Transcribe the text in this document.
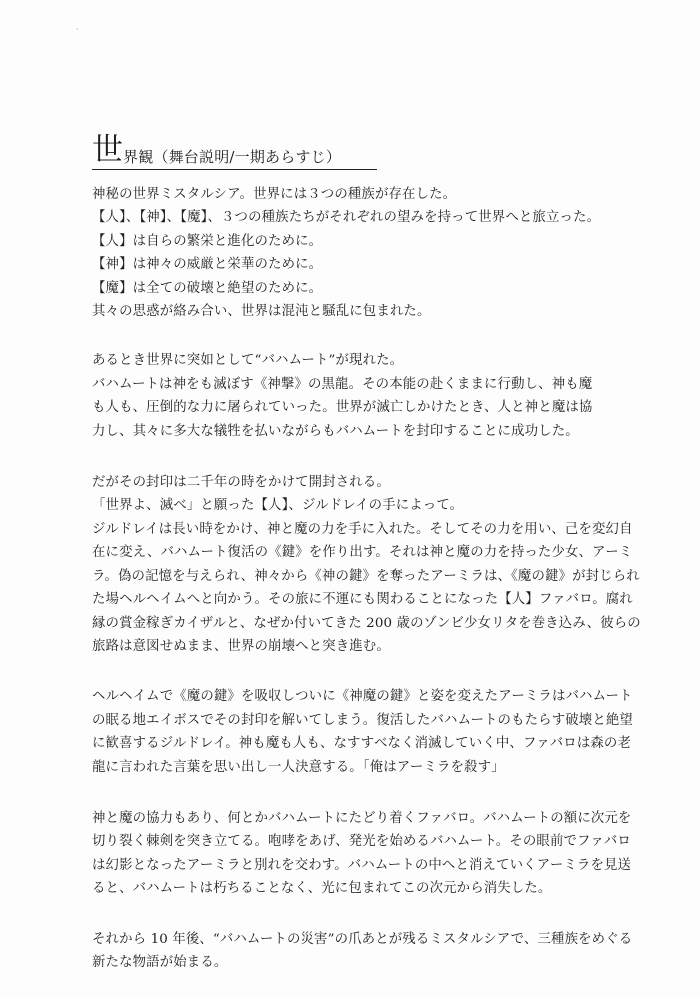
·
世界観（舞台説明/一期あらすじ）
神秘の世界ミスタルシア。世界には３つの種族が存在した。
【人】、【神】、【魔】、３つの種族たちがそれぞれの望みを持って世界へと旅立った。
【人】は自らの繁栄と進化のために。
【神】は神々の威厳と栄華のために。
【魔】は全ての破壊と絶望のために。
其々の思惑が絡み合い、世界は混沌と騒乱に包まれた。
あるとき世界に突如として“バハムート”が現れた。
バハムートは神をも滅ぼす《神撃》の黒龍。その本能の赴くままに行動し、神も魔
も人も、圧倒的な力に屠られていった。世界が滅亡しかけたとき、人と神と魔は協
力し、其々に多大な犠牲を払いながらもバハムートを封印することに成功した。
だがその封印は二千年の時をかけて開封される。
「世界よ、滅べ」と願った【人】、ジルドレイの手によって。
ジルドレイは長い時をかけ、神と魔の力を手に入れた。そしてその力を用い、己を変幻自
在に変え、バハムート復活の《鍵》を作り出す。それは神と魔の力を持った少女、アーミ
ラ。偽の記憶を与えられ、神々から《神の鍵》を奪ったアーミラは、《魔の鍵》が封じられ
た場ヘルヘイムへと向かう。その旅に不運にも関わることになった【人】ファバロ。腐れ
縁の賞金稼ぎカイザルと、なぜか付いてきた 200 歳のゾンビ少女リタを巻き込み、彼らの
旅路は意図せぬまま、世界の崩壊へと突き進む。
ヘルヘイムで《魔の鍵》を吸収しついに《神魔の鍵》と姿を変えたアーミラはバハムート
の眠る地エイボスでその封印を解いてしまう。復活したバハムートのもたらす破壊と絶望
に歓喜するジルドレイ。神も魔も人も、なすすべなく消滅していく中、ファバロは森の老
龍に言われた言葉を思い出し一人決意する。「俺はアーミラを殺す」
神と魔の協力もあり、何とかバハムートにたどり着くファバロ。バハムートの額に次元を
切り裂く棘剣を突き立てる。咆哮をあげ、発光を始めるバハムート。その眼前でファバロ
は幻影となったアーミラと別れを交わす。バハムートの中へと消えていくアーミラを見送
ると、バハムートは朽ちることなく、光に包まれてこの次元から消失した。
それから 10 年後、“バハムートの災害”の爪あとが残るミスタルシアで、三種族をめぐる
新たな物語が始まる。
